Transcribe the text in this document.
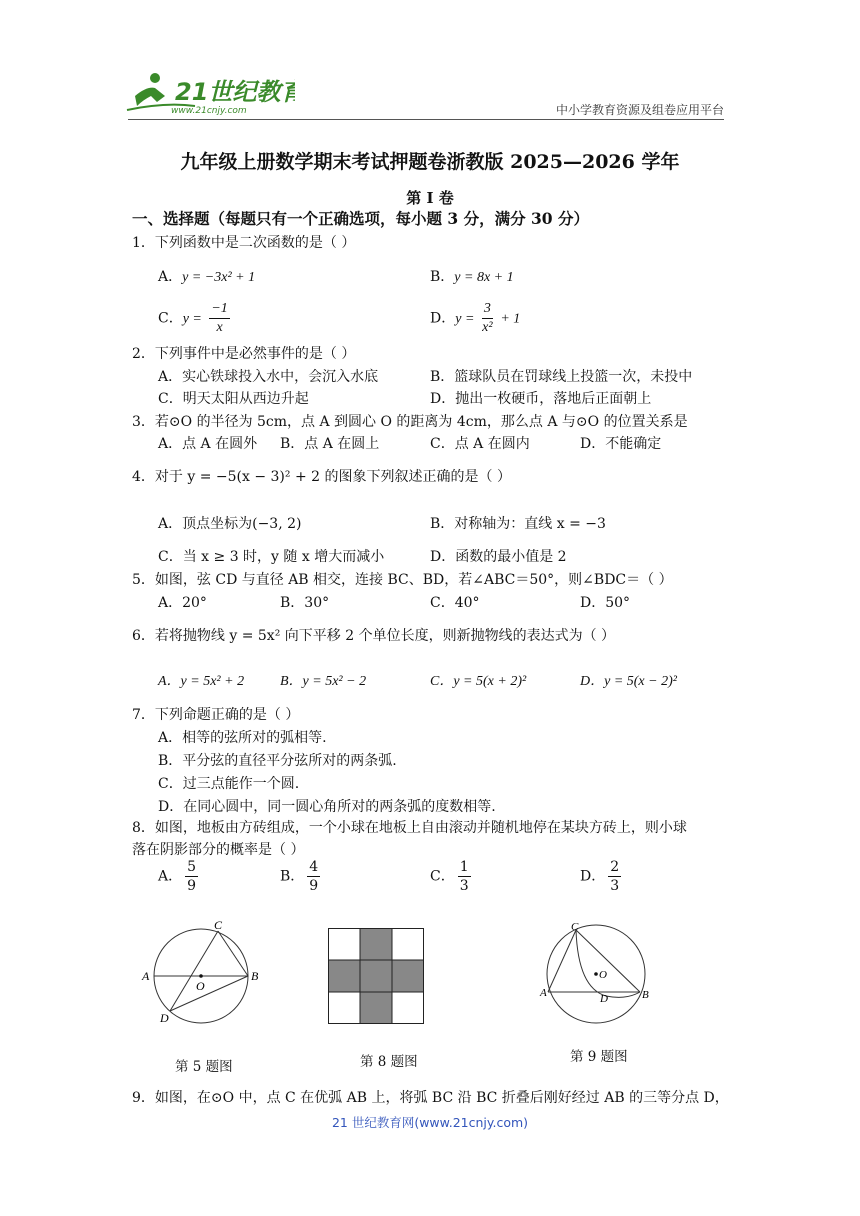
21世纪教育
www.21cnjy.com	中小学教育资源及组卷应用平台
九年级上册数学期末考试押题卷浙教版 2025—2026 学年
第 I 卷
一、选择题（每题只有一个正确选项，每小题 3 分，满分 30 分）
1．下列函数中是二次函数的是（ ）
A．y = −3x² + 1	B．y = 8x + 1
C．$y = \frac{-1}{x}$	D．$y = \frac{3}{\text{x²}} + 1$
2．下列事件中是必然事件的是（ ）
A．实心铁球投入水中，会沉入水底	B．篮球队员在罚球线上投篮一次，未投中
C．明天太阳从西边升起	D．抛出一枚硬币，落地后正面朝上
3．若⊙O 的半径为 5cm，点 A 到圆心 O 的距离为 4cm，那么点 A 与⊙O 的位置关系是
A．点 A 在圆外 B．点 A 在圆上	C．点 A 在圆内	D．不能确定
4．对于 y = −5(x − 3)² + 2 的图象下列叙述正确的是（ ）
A．顶点坐标为(−3, 2)	B．对称轴为：直线 x = −3
C．当 x ≥ 3 时，y 随 x 增大而减小	D．函数的最小值是 2
5．如图，弦 CD 与直径 AB 相交，连接 BC、BD，若∠ABC＝50°，则∠BDC＝（ ）
A．20°	B．30°	C．40°	D．50°
6．若将抛物线 y = 5x² 向下平移 2 个单位长度，则新抛物线的表达式为（ ）
A．y = 5x² + 2	B．y = 5x² − 2	C．y = 5(x + 2)²	D．y = 5(x − 2)²
7．下列命题正确的是（ ）
A．相等的弦所对的弧相等.
B．平分弦的直径平分弦所对的两条弧.
C．过三点能作一个圆.
D．在同心圆中，同一圆心角所对的两条弧的度数相等.
8．如图，地板由方砖组成，一个小球在地板上自由滚动并随机地停在某块方砖上，则小球
落在阴影部分的概率是（ ）
A． $\frac{5}{9}$	B． $\frac{4}{9}$	C． $\frac{1}{3}$	D． $\frac{2}{3}$
A	B
C
D
O
第 5 题图	第 8 题图
A	B
C
D
O
第 9 题图
9．如图，在⊙O 中，点 C 在优弧 AB 上，将弧 BC 沿 BC 折叠后刚好经过 AB 的三等分点 D，
21 世纪教育网(www.21cnjy.com)
